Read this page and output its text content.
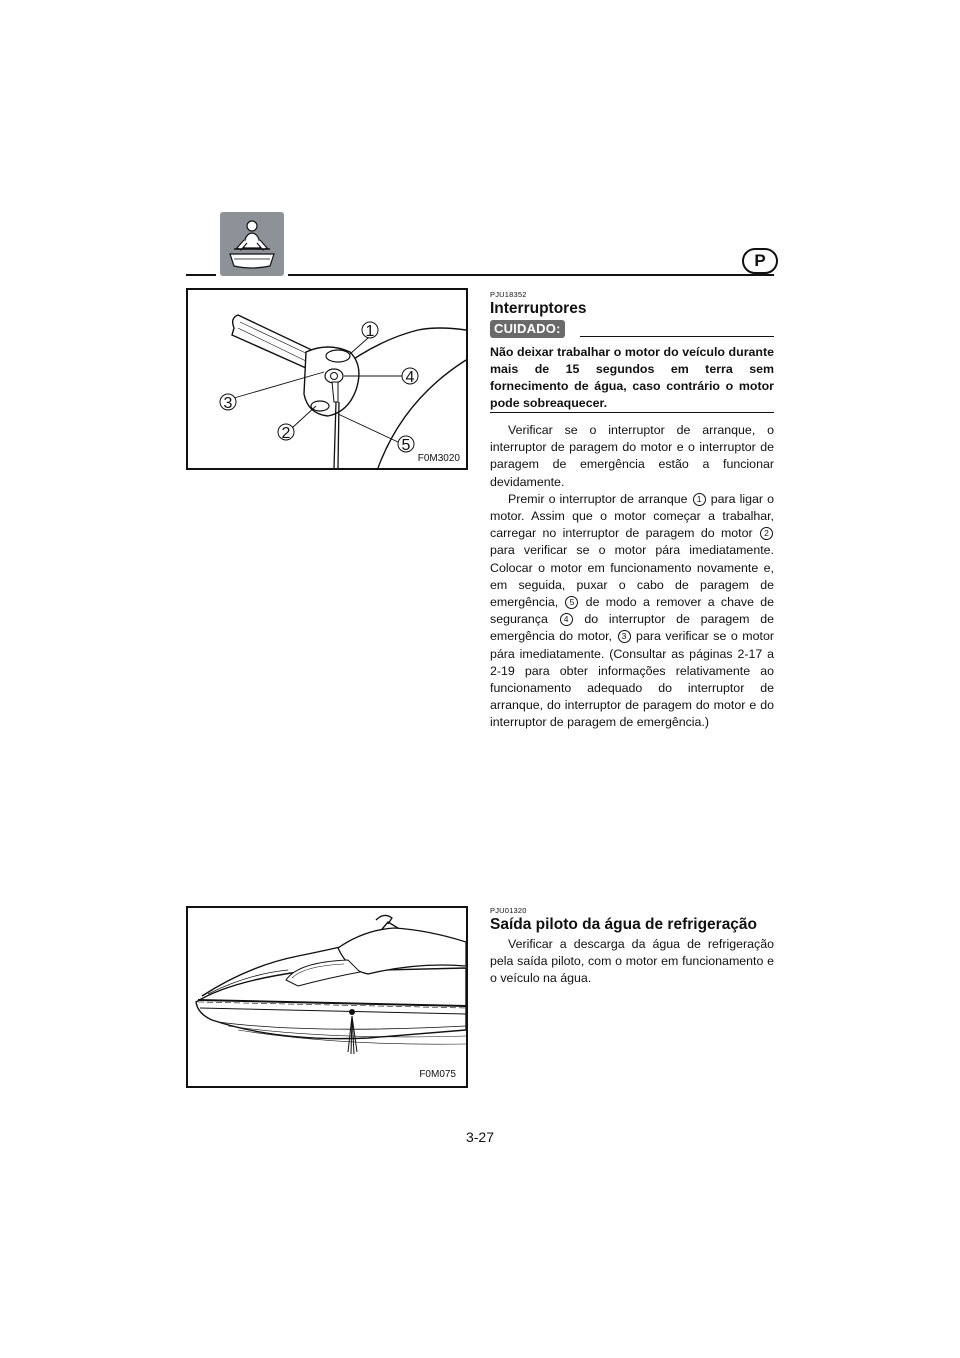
P
1
4
3
2
5
F0M3020
PJU18352
Interruptores
CUIDADO:
Não deixar trabalhar o motor do veículo durante mais de 15 segundos em terra sem fornecimento de água, caso contrário o motor pode sobreaquecer.

Verificar se o interruptor de arranque, o interruptor de paragem do motor e o interruptor de paragem de emergência estão a funcionar devidamente.

Premir o interruptor de arranque 1 para ligar o motor. Assim que o motor começar a trabalhar, carregar no interruptor de paragem do motor 2 para verificar se o motor pára imediatamente. Colocar o motor em funcionamento novamente e, em seguida, puxar o cabo de paragem de emergência, 5 de modo a remover a chave de segurança 4 do interruptor de paragem de emergência do motor, 3 para verificar se o motor pára imediatamente. (Consultar as páginas 2-17 a 2-19 para obter informações relativamente ao funcionamento adequado do interruptor de arranque, do interruptor de paragem do motor e do interruptor de paragem de emergência.)

F0M075
PJU01320
Saída piloto da água de refrigeração

Verificar a descarga da água de refrigeração pela saída piloto, com o motor em funcionamento e o veículo na água.

3-27
